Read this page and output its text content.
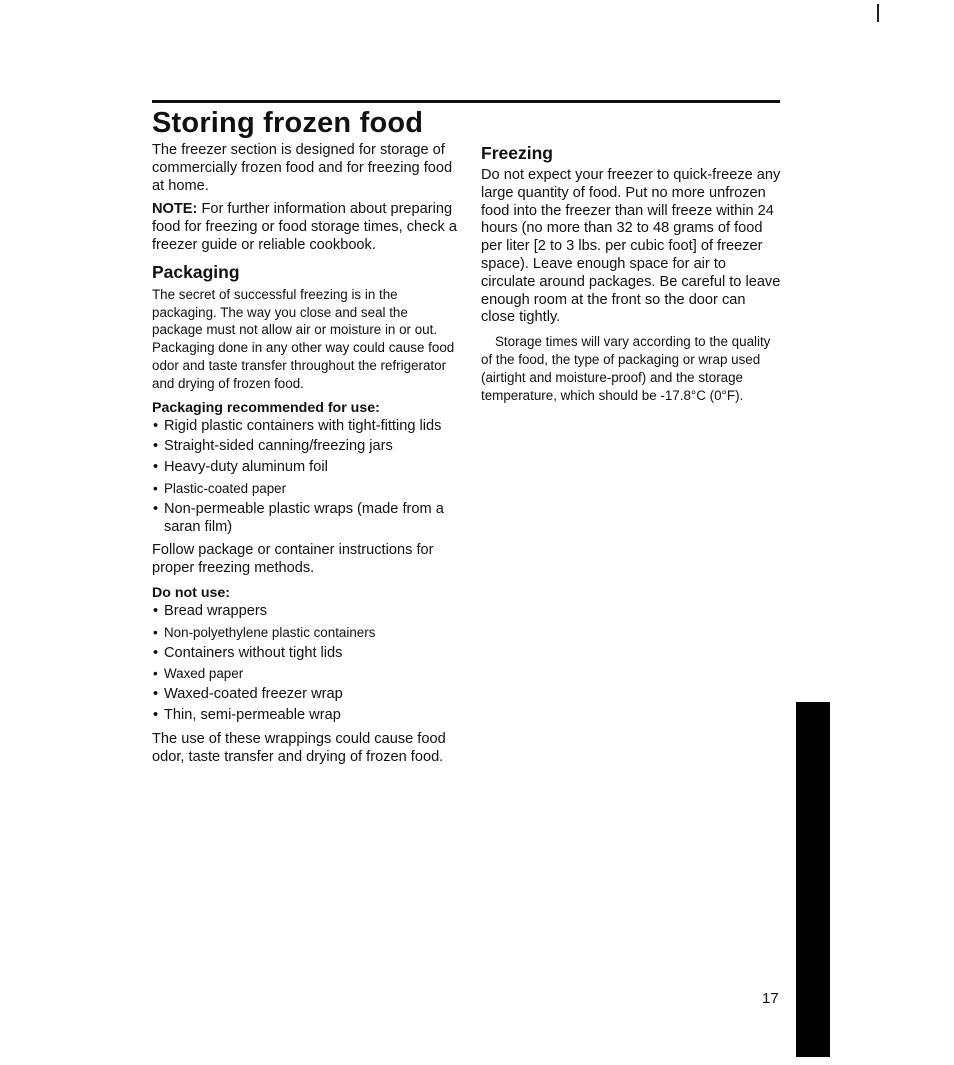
Storing frozen food

The freezer section is designed for storage of commercially frozen food and for freezing food at home.

NOTE: For further information about preparing food for freezing or food storage times, check a freezer guide or reliable cookbook.

Packaging

The secret of successful freezing is in the packaging. The way you close and seal the package must not allow air or moisture in or out. Packaging done in any other way could cause food odor and taste transfer throughout the refrigerator and drying of frozen food.

Packaging recommended for use:
• Rigid plastic containers with tight-fitting lids
• Straight-sided canning/freezing jars
• Heavy-duty aluminum foil
• Plastic-coated paper
• Non-permeable plastic wraps (made from a saran film)

Follow package or container instructions for proper freezing methods.

Do not use:
• Bread wrappers
• Non-polyethylene plastic containers
• Containers without tight lids
• Waxed paper
• Waxed-coated freezer wrap
• Thin, semi-permeable wrap

The use of these wrappings could cause food odor, taste transfer and drying of frozen food.

Freezing

Do not expect your freezer to quick-freeze any large quantity of food. Put no more unfrozen food into the freezer than will freeze within 24 hours (no more than 32 to 48 grams of food per liter [2 to 3 lbs. per cubic foot] of freezer space). Leave enough space for air to circulate around packages. Be careful to leave enough room at the front so the door can close tightly.

Storage times will vary according to the quality of the food, the type of packaging or wrap used (airtight and moisture-proof) and the storage temperature, which should be -17.8°C (0°F).

17
